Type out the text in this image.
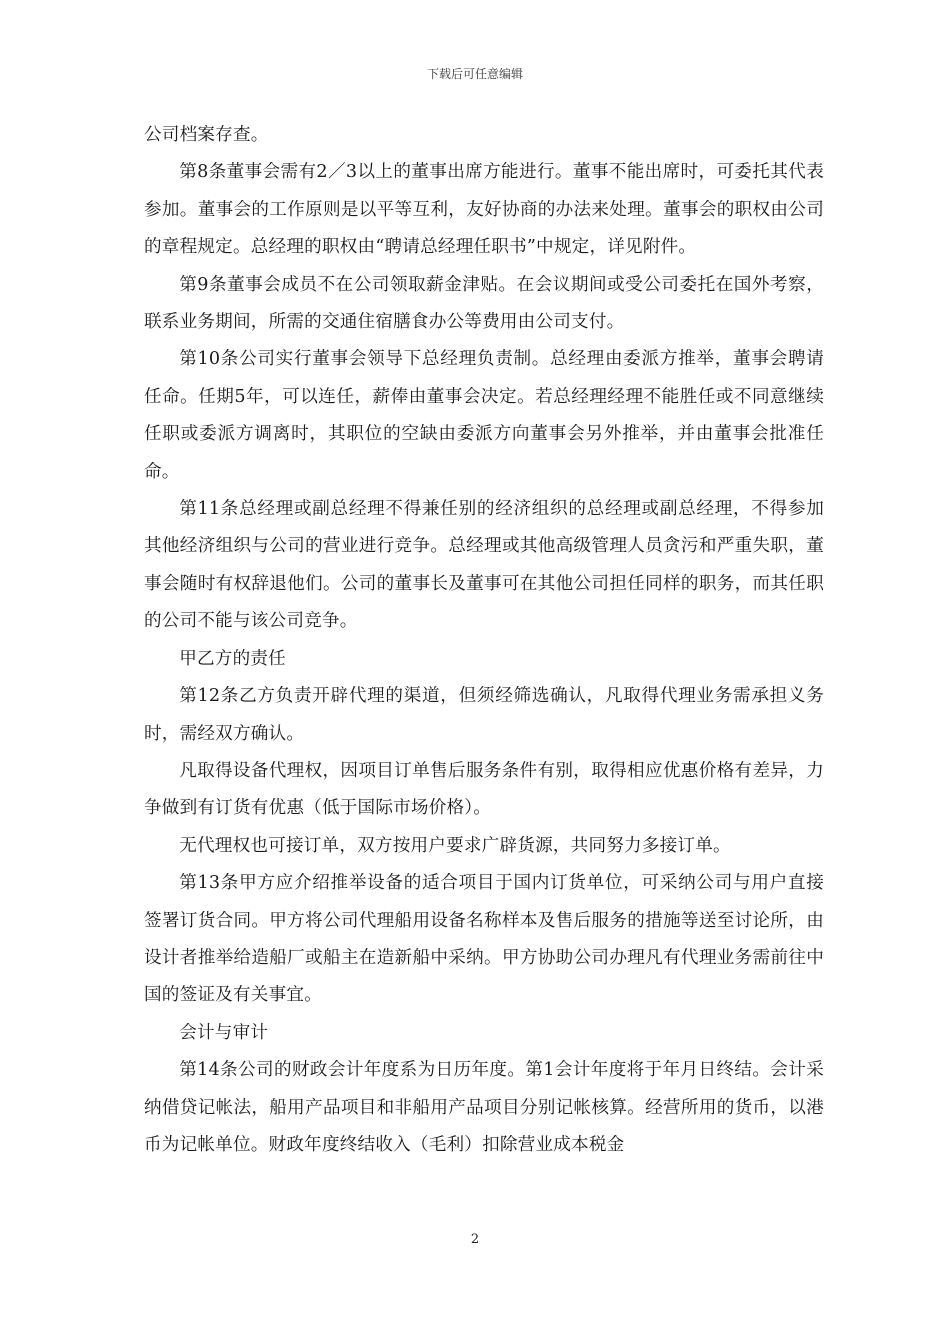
下载后可任意编辑

公司档案存查。

第8条董事会需有2／3以上的董事出席方能进行。董事不能出席时，可委托其代表参加。董事会的工作原则是以平等互利，友好协商的办法来处理。董事会的职权由公司的章程规定。总经理的职权由“聘请总经理任职书”中规定，详见附件。

第9条董事会成员不在公司领取薪金津贴。在会议期间或受公司委托在国外考察，联系业务期间，所需的交通住宿膳食办公等费用由公司支付。

第10条公司实行董事会领导下总经理负责制。总经理由委派方推举，董事会聘请任命。任期5年，可以连任，薪俸由董事会决定。若总经理经理不能胜任或不同意继续任职或委派方调离时，其职位的空缺由委派方向董事会另外推举，并由董事会批准任命。

第11条总经理或副总经理不得兼任别的经济组织的总经理或副总经理，不得参加其他经济组织与公司的营业进行竞争。总经理或其他高级管理人员贪污和严重失职，董事会随时有权辞退他们。公司的董事长及董事可在其他公司担任同样的职务，而其任职的公司不能与该公司竞争。

甲乙方的责任

第12条乙方负责开辟代理的渠道，但须经筛选确认，凡取得代理业务需承担义务时，需经双方确认。

凡取得设备代理权，因项目订单售后服务条件有别，取得相应优惠价格有差异，力争做到有订货有优惠（低于国际市场价格）。

无代理权也可接订单，双方按用户要求广辟货源，共同努力多接订单。

第13条甲方应介绍推举设备的适合项目于国内订货单位，可采纳公司与用户直接签署订货合同。甲方将公司代理船用设备名称样本及售后服务的措施等送至讨论所，由设计者推举给造船厂或船主在造新船中采纳。甲方协助公司办理凡有代理业务需前往中国的签证及有关事宜。

会计与审计

第14条公司的财政会计年度系为日历年度。第1会计年度将于年月日终结。会计采纳借贷记帐法，船用产品项目和非船用产品项目分别记帐核算。经营所用的货币，以港币为记帐单位。财政年度终结收入（毛利）扣除营业成本税金

2
